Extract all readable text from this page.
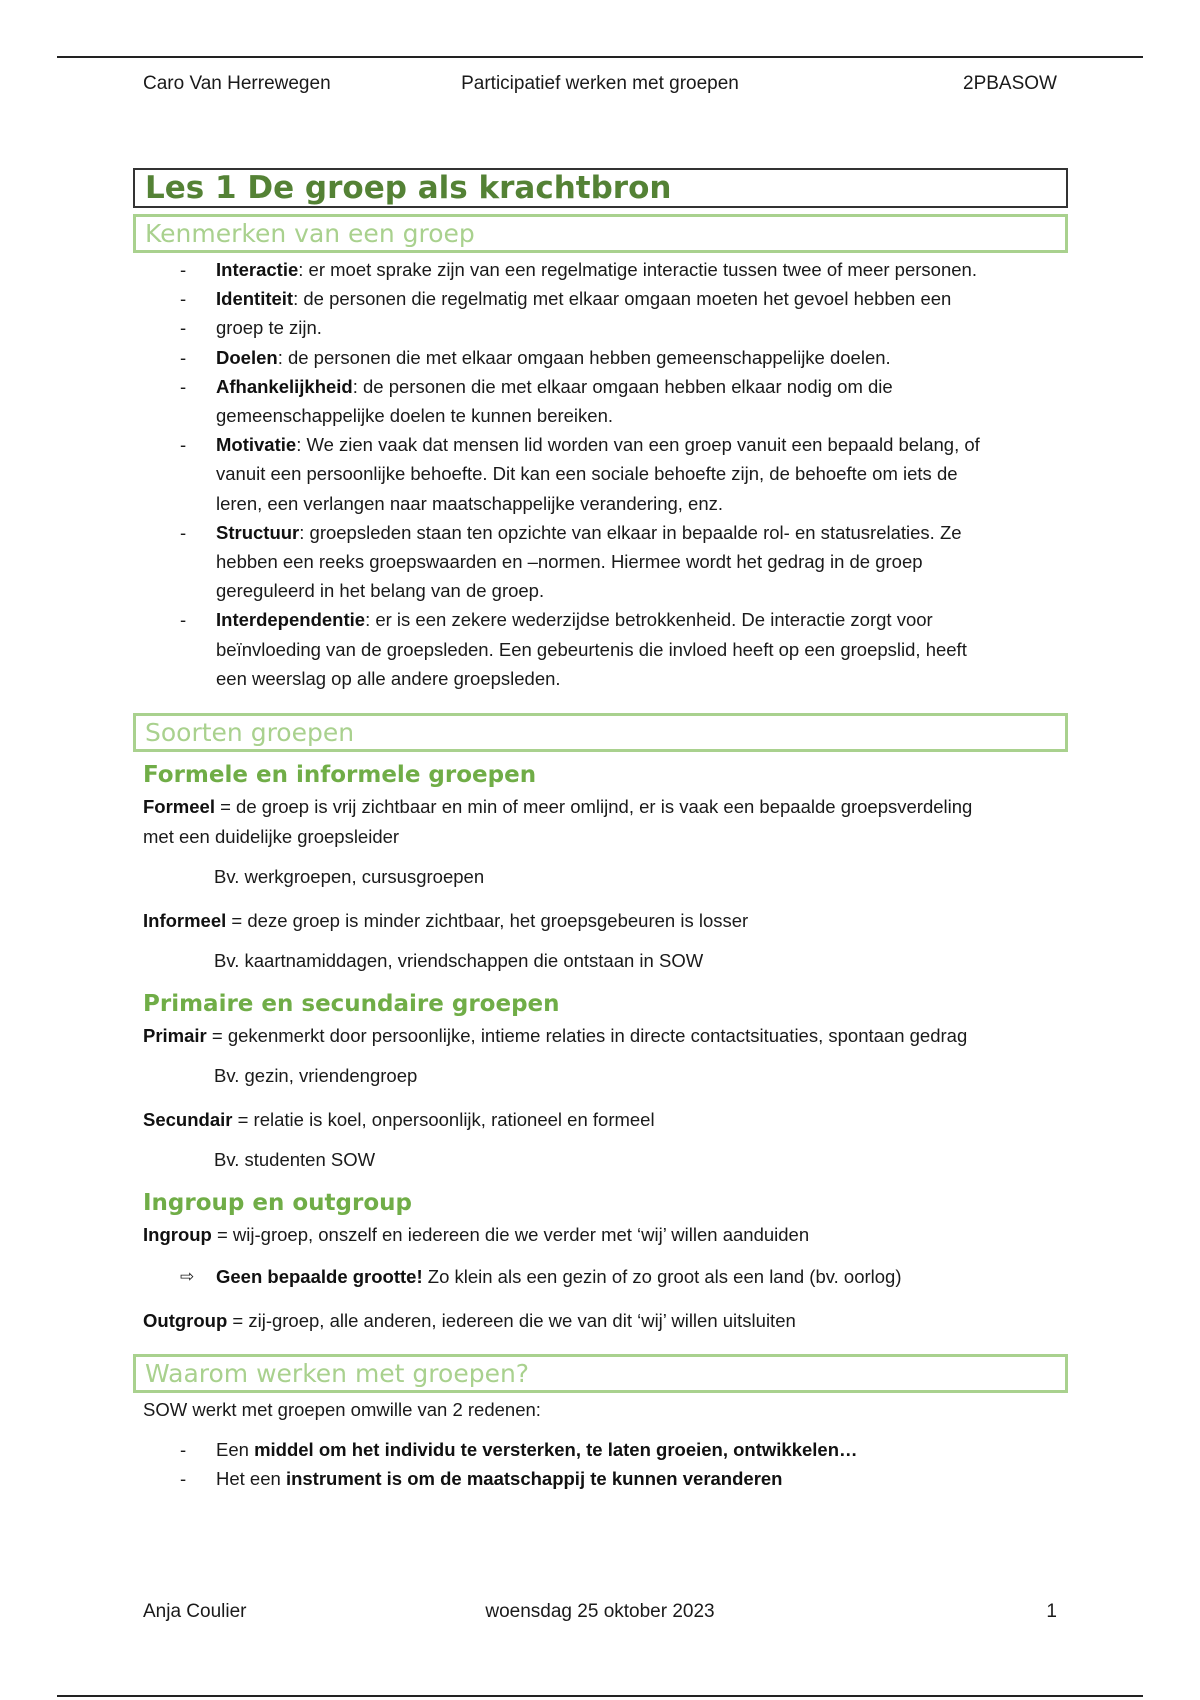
Caro Van Herrewegen	Participatief werken met groepen	2PBASOW
Les 1 De groep als krachtbron
Kenmerken van een groep
- Interactie: er moet sprake zijn van een regelmatige interactie tussen twee of meer personen.
- Identiteit: de personen die regelmatig met elkaar omgaan moeten het gevoel hebben een
- groep te zijn.
- Doelen: de personen die met elkaar omgaan hebben gemeenschappelijke doelen.
- Afhankelijkheid: de personen die met elkaar omgaan hebben elkaar nodig om die
gemeenschappelijke doelen te kunnen bereiken.
- Motivatie: We zien vaak dat mensen lid worden van een groep vanuit een bepaald belang, of
vanuit een persoonlijke behoefte. Dit kan een sociale behoefte zijn, de behoefte om iets de
leren, een verlangen naar maatschappelijke verandering, enz.
- Structuur: groepsleden staan ten opzichte van elkaar in bepaalde rol- en statusrelaties. Ze
hebben een reeks groepswaarden en –normen. Hiermee wordt het gedrag in de groep
gereguleerd in het belang van de groep.
- Interdependentie: er is een zekere wederzijdse betrokkenheid. De interactie zorgt voor
beïnvloeding van de groepsleden. Een gebeurtenis die invloed heeft op een groepslid, heeft
een weerslag op alle andere groepsleden.
Soorten groepen
Formele en informele groepen

Formeel = de groep is vrij zichtbaar en min of meer omlijnd, er is vaak een bepaalde groepsverdeling
met een duidelijke groepsleider

Bv. werkgroepen, cursusgroepen

Informeel = deze groep is minder zichtbaar, het groepsgebeuren is losser

Bv. kaartnamiddagen, vriendschappen die ontstaan in SOW

Primaire en secundaire groepen

Primair = gekenmerkt door persoonlijke, intieme relaties in directe contactsituaties, spontaan gedrag

Bv. gezin, vriendengroep

Secundair = relatie is koel, onpersoonlijk, rationeel en formeel

Bv. studenten SOW

Ingroup en outgroup

Ingroup = wij-groep, onszelf en iedereen die we verder met ‘wij’ willen aanduiden

⇨ Geen bepaalde grootte! Zo klein als een gezin of zo groot als een land (bv. oorlog)

Outgroup = zij-groep, alle anderen, iedereen die we van dit ‘wij’ willen uitsluiten

Waarom werken met groepen?

SOW werkt met groepen omwille van 2 redenen:

- Een middel om het individu te versterken, te laten groeien, ontwikkelen…
- Het een instrument is om de maatschappij te kunnen veranderen
Anja Coulier	woensdag 25 oktober 2023	1
